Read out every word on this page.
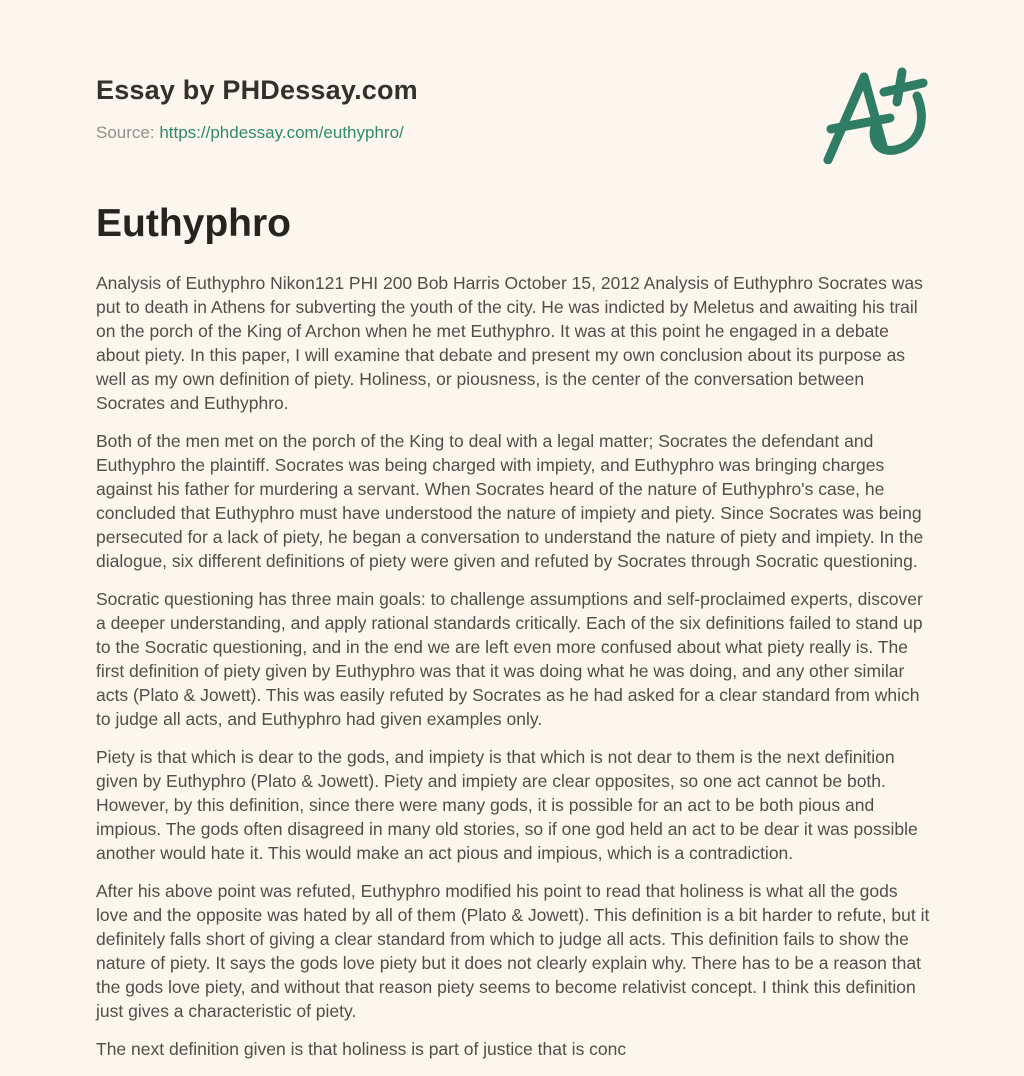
Essay by PHDessay.com
Source: https://phdessay.com/euthyphro/
Euthyphro

Analysis of Euthyphro Nikon121 PHI 200 Bob Harris October 15, 2012 Analysis of Euthyphro Socrates was put to death in Athens for subverting the youth of the city. He was indicted by Meletus and awaiting his trail on the porch of the King of Archon when he met Euthyphro. It was at this point he engaged in a debate about piety. In this paper, I will examine that debate and present my own conclusion about its purpose as well as my own definition of piety. Holiness, or piousness, is the center of the conversation between Socrates and Euthyphro.

Both of the men met on the porch of the King to deal with a legal matter; Socrates the defendant and Euthyphro the plaintiff. Socrates was being charged with impiety, and Euthyphro was bringing charges against his father for murdering a servant. When Socrates heard of the nature of Euthyphro's case, he concluded that Euthyphro must have understood the nature of impiety and piety. Since Socrates was being persecuted for a lack of piety, he began a conversation to understand the nature of piety and impiety. In the dialogue, six different definitions of piety were given and refuted by Socrates through Socratic questioning.

Socratic questioning has three main goals: to challenge assumptions and self-proclaimed experts, discover a deeper understanding, and apply rational standards critically. Each of the six definitions failed to stand up to the Socratic questioning, and in the end we are left even more confused about what piety really is. The first definition of piety given by Euthyphro was that it was doing what he was doing, and any other similar acts (Plato & Jowett). This was easily refuted by Socrates as he had asked for a clear standard from which to judge all acts, and Euthyphro had given examples only.

Piety is that which is dear to the gods, and impiety is that which is not dear to them is the next definition given by Euthyphro (Plato & Jowett). Piety and impiety are clear opposites, so one act cannot be both. However, by this definition, since there were many gods, it is possible for an act to be both pious and impious. The gods often disagreed in many old stories, so if one god held an act to be dear it was possible another would hate it. This would make an act pious and impious, which is a contradiction.

After his above point was refuted, Euthyphro modified his point to read that holiness is what all the gods love and the opposite was hated by all of them (Plato & Jowett). This definition is a bit harder to refute, but it definitely falls short of giving a clear standard from which to judge all acts. This definition fails to show the nature of piety. It says the gods love piety but it does not clearly explain why. There has to be a reason that the gods love piety, and without that reason piety seems to become relativist concept. I think this definition just gives a characteristic of piety.

The next definition given is that holiness is part of justice that is conc
